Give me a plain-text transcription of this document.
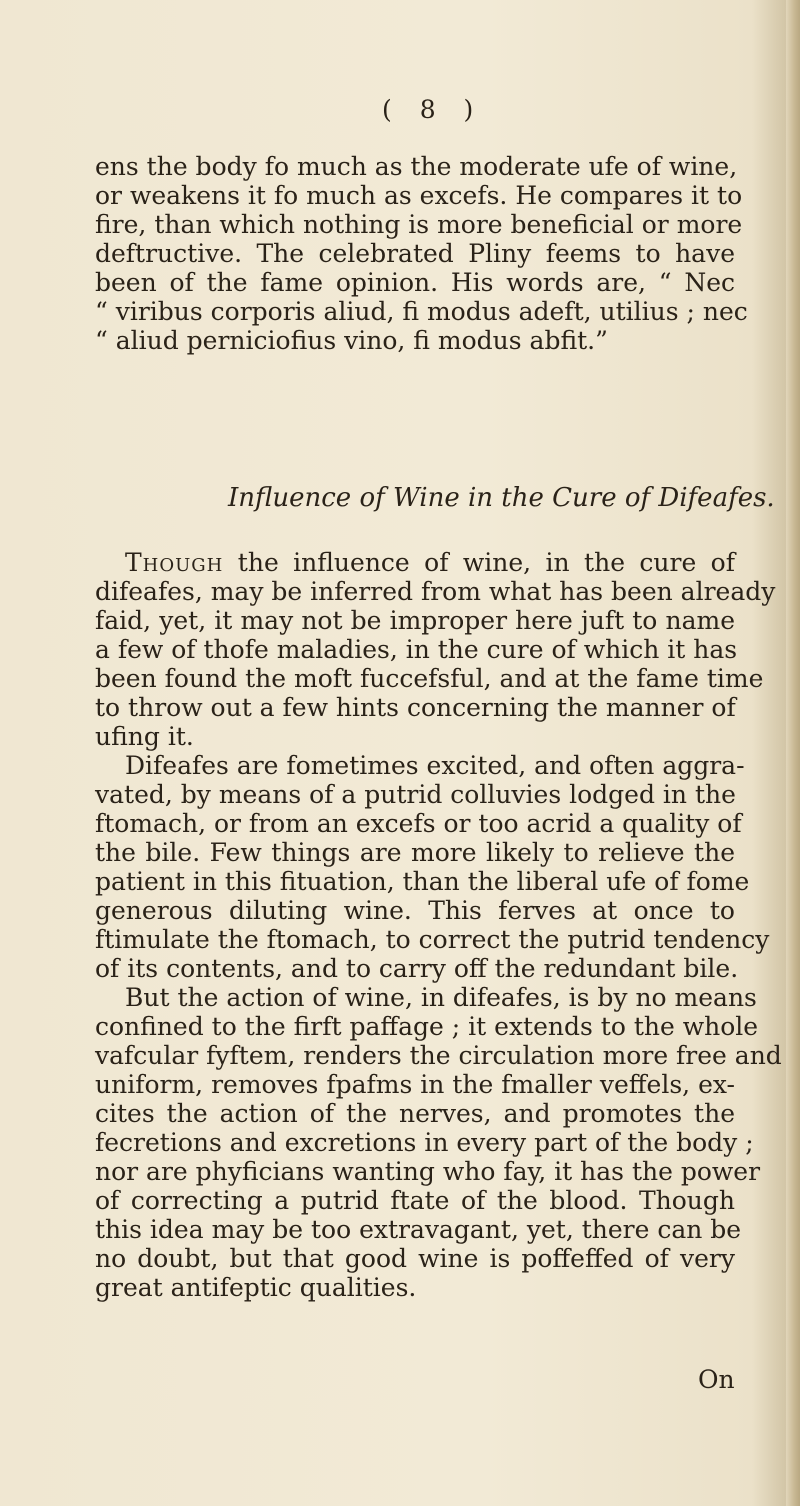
( 8 )
ens the body fo much as the moderate ufe of wine,
or weakens it fo much as excefs. He compares it to
fire, than which nothing is more beneficial or more
deftructive. The celebrated Pliny feems to have
been of the fame opinion. His words are, “ Nec
“ viribus corporis aliud, fi modus adeft, utilius ; nec
“ aliud perniciofius vino, fi modus abfit.”
Influence of Wine in the Cure of Difeafes.
Though the influence of wine, in the cure of
difeafes, may be inferred from what has been already
faid, yet, it may not be improper here juft to name
a few of thofe maladies, in the cure of which it has
been found the moft fuccefsful, and at the fame time
to throw out a few hints concerning the manner of
ufing it.
Difeafes are fometimes excited, and often aggra-
vated, by means of a putrid colluvies lodged in the
ftomach, or from an excefs or too acrid a quality of
the bile. Few things are more likely to relieve the
patient in this fituation, than the liberal ufe of fome
generous diluting wine. This ferves at once to
ftimulate the ftomach, to correct the putrid tendency
of its contents, and to carry off the redundant bile.
But the action of wine, in difeafes, is by no means
confined to the firft paffage ; it extends to the whole
vafcular fyftem, renders the circulation more free and
uniform, removes fpafms in the fmaller veffels, ex-
cites the action of the nerves, and promotes the
fecretions and excretions in every part of the body ;
nor are phyficians wanting who fay, it has the power
of correcting a putrid ftate of the blood. Though
this idea may be too extravagant, yet, there can be
no doubt, but that good wine is poffeffed of very
great antifeptic qualities.
On
